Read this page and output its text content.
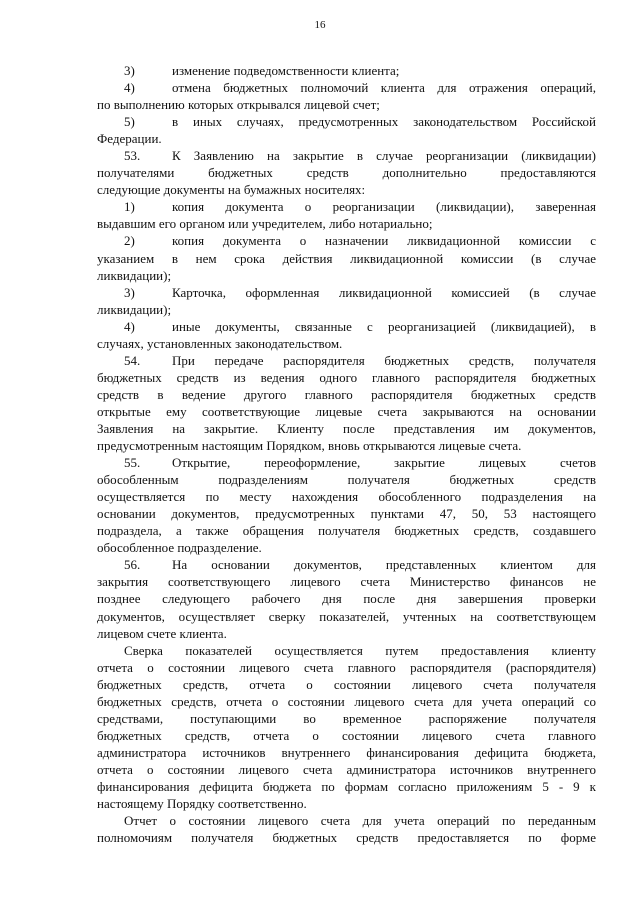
16
3)	изменение подведомственности клиента;
4)	отмена бюджетных полномочий клиента для отражения операций,
по выполнению которых открывался лицевой счет;
5)	в иных случаях, предусмотренных законодательством Российской
Федерации.
53. К Заявлению на закрытие в случае реорганизации (ликвидации)
получателями бюджетных средств дополнительно предоставляются
следующие документы на бумажных носителях:
1)	копия документа о реорганизации (ликвидации), заверенная
выдавшим его органом или учредителем, либо нотариально;
2)	копия документа о назначении ликвидационной комиссии с
указанием в нем срока действия ликвидационной комиссии (в случае
ликвидации);
3)	Карточка, оформленная ликвидационной комиссией (в случае
ликвидации);
4)	иные документы, связанные с реорганизацией (ликвидацией), в
случаях, установленных законодательством.
54. При передаче распорядителя бюджетных средств, получателя
бюджетных средств из ведения одного главного распорядителя бюджетных
средств в ведение другого главного распорядителя бюджетных средств
открытые ему соответствующие лицевые счета закрываются на основании
Заявления на закрытие. Клиенту после представления им документов,
предусмотренным настоящим Порядком, вновь открываются лицевые счета.
55. Открытие, переоформление, закрытие лицевых счетов
обособленным подразделениям получателя бюджетных средств
осуществляется по месту нахождения обособленного подразделения на
основании документов, предусмотренных пунктами 47, 50, 53 настоящего
подраздела, а также обращения получателя бюджетных средств, создавшего
обособленное подразделение.
56. На основании документов, представленных клиентом для
закрытия соответствующего лицевого счета Министерство финансов не
позднее следующего рабочего дня после дня завершения проверки
документов, осуществляет сверку показателей, учтенных на соответствующем
лицевом счете клиента.
Сверка показателей осуществляется путем предоставления клиенту
отчета о состоянии лицевого счета главного распорядителя (распорядителя)
бюджетных средств, отчета о состоянии лицевого счета получателя
бюджетных средств, отчета о состоянии лицевого счета для учета операций со
средствами, поступающими во временное распоряжение получателя
бюджетных средств, отчета о состоянии лицевого счета главного
администратора источников внутреннего финансирования дефицита бюджета,
отчета о состоянии лицевого счета администратора источников внутреннего
финансирования дефицита бюджета по формам согласно приложениям 5 - 9 к
настоящему Порядку соответственно.
Отчет о состоянии лицевого счета для учета операций по переданным
полномочиям получателя бюджетных средств предоставляется по форме
